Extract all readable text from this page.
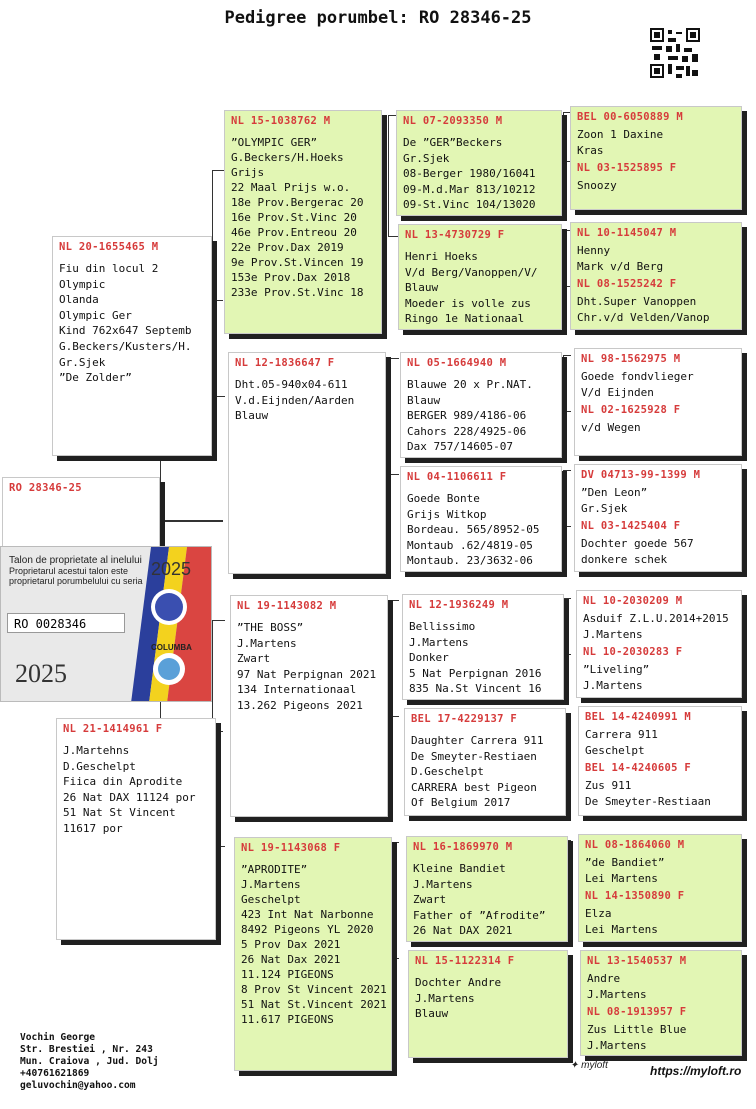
Pedigree porumbel: RO 28346-25
RO 28346-25
Talon de proprietate al inelului
Proprietarul acestui talon este
proprietarul porumbelului cu seria
2025
RO 0028346
COLUMBA
2025
NL 20-1655465 M
Fiu din locul 2
Olympic
Olanda
Olympic Ger
Kind 762x647 Septemb
G.Beckers/Kusters/H.
Gr.Sjek
”De Zolder”
NL 21-1414961 F
J.Martehns
D.Geschelpt
Fiica din Aprodite
26 Nat DAX 11124 por
51 Nat St Vincent
11617 por
NL 15-1038762 M
”OLYMPIC GER”
G.Beckers/H.Hoeks
Grijs
22 Maal Prijs w.o.
18e Prov.Bergerac 20
16e Prov.St.Vinc 20
46e Prov.Entreou 20
22e Prov.Dax 2019
9e Prov.St.Vincen 19
153e Prov.Dax 2018
233e Prov.St.Vinc 18
NL 12-1836647 F
Dht.05-940x04-611
V.d.Eijnden/Aarden
Blauw
NL 19-1143082 M
”THE BOSS”
J.Martens
Zwart
97 Nat Perpignan 2021
134 Internationaal
13.262 Pigeons 2021
NL 19-1143068 F
”APRODITE”
J.Martens
Geschelpt
423 Int Nat Narbonne
8492 Pigeons YL 2020
5 Prov Dax 2021
26 Nat Dax 2021
11.124 PIGEONS
8 Prov St Vincent 2021
51 Nat St.Vincent 2021
11.617 PIGEONS
NL 07-2093350 M
De ”GER”Beckers
Gr.Sjek
08-Berger 1980/16041
09-M.d.Mar 813/10212
09-St.Vinc 104/13020
NL 13-4730729 F
Henri Hoeks
V/d Berg/Vanoppen/V/
Blauw
Moeder is volle zus
Ringo 1e Nationaal
NL 05-1664940 M
Blauwe 20 x Pr.NAT.
Blauw
BERGER 989/4186-06
Cahors 228/4925-06
Dax 757/14605-07
NL 04-1106611 F
Goede Bonte
Grijs Witkop
Bordeau. 565/8952-05
Montaub .62/4819-05
Montaub. 23/3632-06
NL 12-1936249 M
Bellissimo
J.Martens
Donker
5 Nat Perpignan 2016
835 Na.St Vincent 16
BEL 17-4229137 F
Daughter Carrera 911
De Smeyter-Restiaen
D.Geschelpt
CARRERA best Pigeon
Of Belgium 2017
NL 16-1869970 M
Kleine Bandiet
J.Martens
Zwart
Father of ”Afrodite”
26 Nat DAX 2021
NL 15-1122314 F
Dochter Andre
J.Martens
Blauw
BEL 00-6050889 M
Zoon 1 Daxine
Kras
NL 03-1525895 F
Snoozy
NL 10-1145047 M
Henny
Mark v/d Berg
NL 08-1525242 F
Dht.Super Vanoppen
Chr.v/d Velden/Vanop
NL 98-1562975 M
Goede fondvlieger
V/d Eijnden
NL 02-1625928 F
v/d Wegen
DV 04713-99-1399 M
”Den Leon”
Gr.Sjek
NL 03-1425404 F
Dochter goede 567
donkere schek
NL 10-2030209 M
Asduif Z.L.U.2014+2015
J.Martens
NL 10-2030283 F
”Liveling”
J.Martens
BEL 14-4240991 M
Carrera 911
Geschelpt
BEL 14-4240605 F
Zus 911
De Smeyter-Restiaan
NL 08-1864060 M
”de Bandiet”
Lei Martens
NL 14-1350890 F
Elza
Lei Martens
NL 13-1540537 M
Andre
J.Martens
NL 08-1913957 F
Zus Little Blue
J.Martens
Vochin George
Str. Brestiei , Nr. 243
Mun. Craiova , Jud. Dolj
+40761621869
geluvochin@yahoo.com
✦ myloft	https://myloft.ro
